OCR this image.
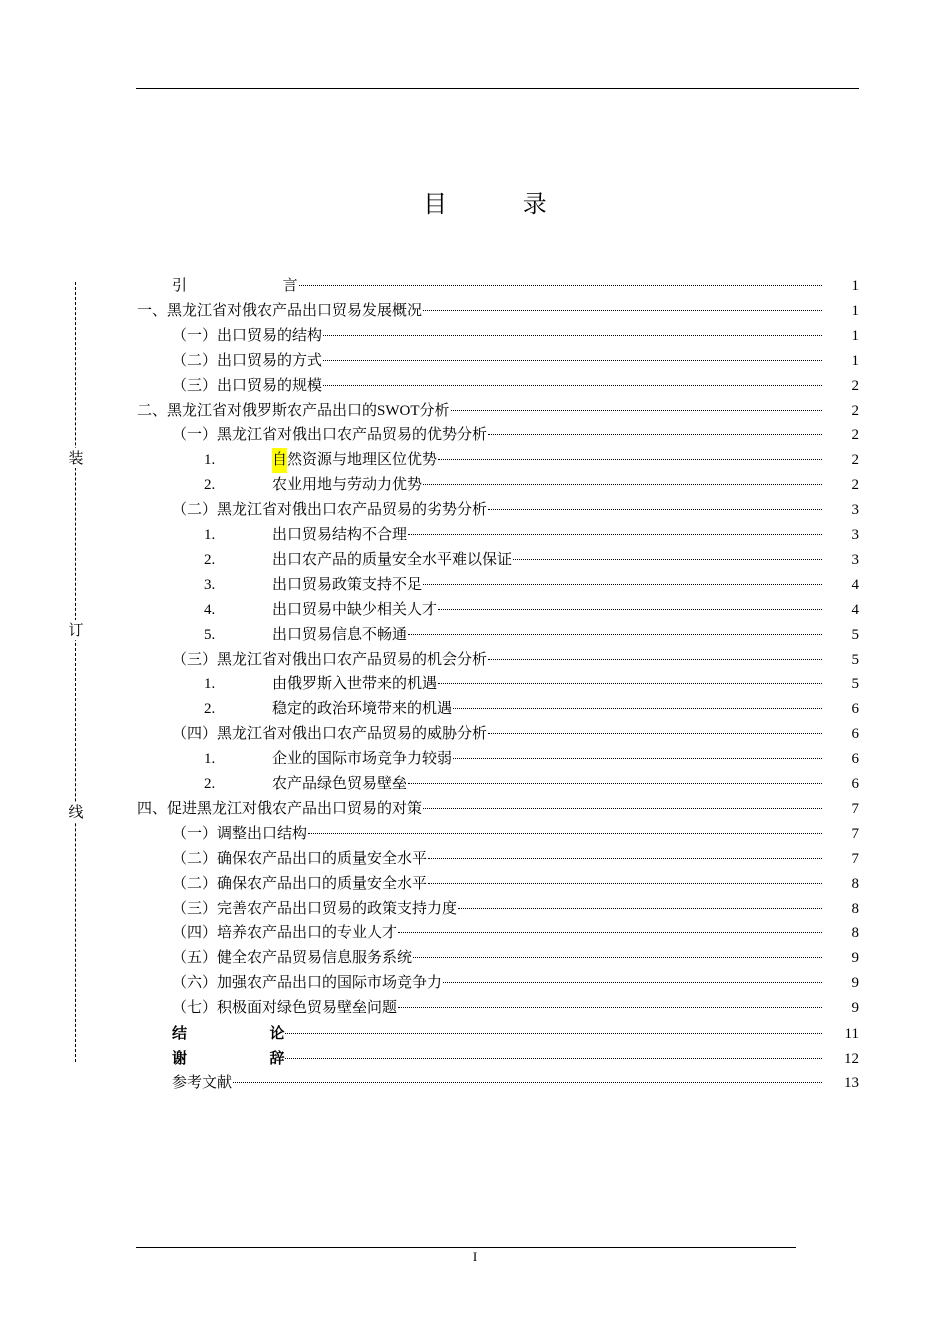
目 录
装
订
线
引  言	1
一、黑龙江省对俄农产品出口贸易发展概况	1
（一）出口贸易的结构	1
（二）出口贸易的方式	1
（三）出口贸易的规模	2
二、黑龙江省对俄罗斯农产品出口的SWOT分析	2
（一）黑龙江省对俄出口农产品贸易的优势分析	2
1.	自 然资源与地理区位优势	2
2.	农业用地与劳动力优势	2
（二）黑龙江省对俄出口农产品贸易的劣势分析	3
1.	出口贸易结构不合理	3
2.	出口农产品的质量安全水平难以保证	3
3.	出口贸易政策支持不足	4
4.	出口贸易中缺少相关人才	4
5.	出口贸易信息不畅通	5
（三）黑龙江省对俄出口农产品贸易的机会分析	5
1.	由俄罗斯入世带来的机遇	5
2.	稳定的政治环境带来的机遇	6
（四）黑龙江省对俄出口农产品贸易的威胁分析	6
1.	企业的国际市场竞争力较弱	6
2.	农产品绿色贸易壁垒	6
四、促进黑龙江对俄农产品出口贸易的对策	7
（一）调整出口结构	7
（二）确保农产品出口的质量安全水平	7
（二）确保农产品出口的质量安全水平	8
（三）完善农产品出口贸易的政策支持力度	8
（四）培养农产品出口的专业人才	8
（五）健全农产品贸易信息服务系统	9
（六）加强农产品出口的国际市场竞争力	9
（七）积极面对绿色贸易壁垒问题	9
结  论	11
谢  辞	12
参考文献	13
I
